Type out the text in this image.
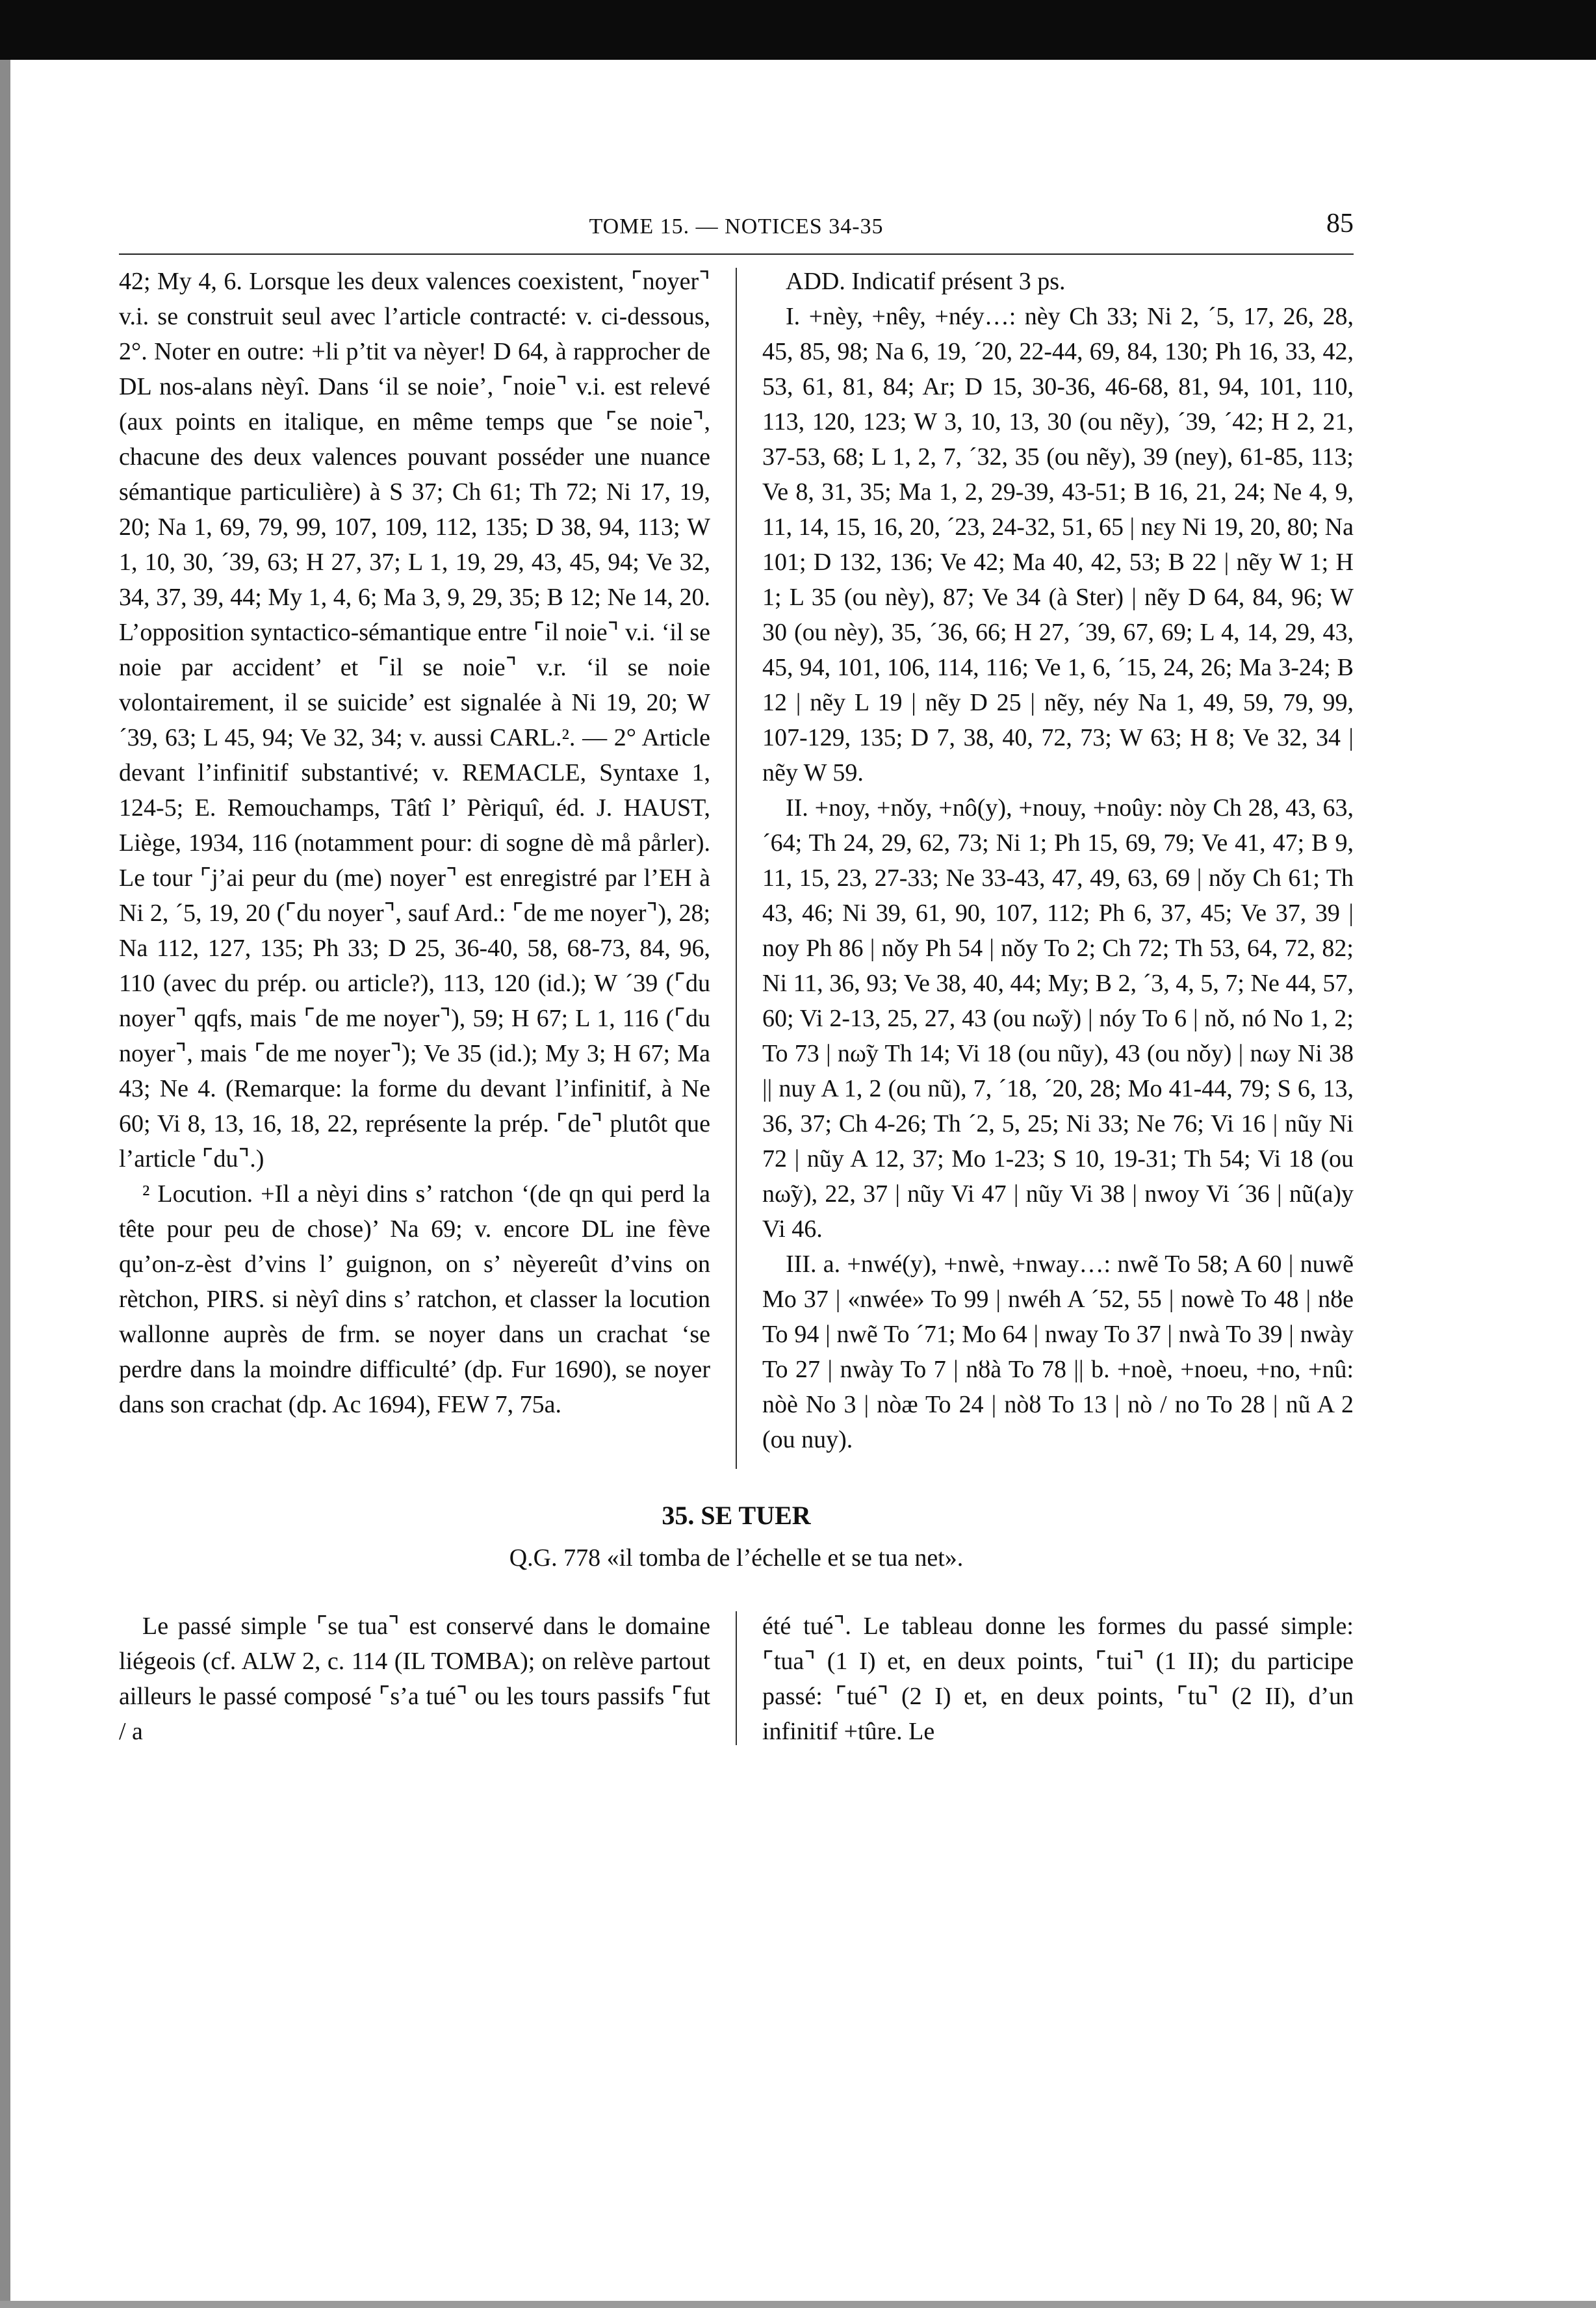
TOME 15. — NOTICES 34-35	85

42; My 4, 6. Lorsque les deux valences coexistent, ⌜noyer⌝ v.i. se construit seul avec l’article contracté: v. ci-dessous, 2°. Noter en outre: +li p’tit va nèyer! D 64, à rapprocher de DL nos-alans nèyî. Dans ‘il se noie’, ⌜noie⌝ v.i. est relevé (aux points en italique, en même temps que ⌜se noie⌝, chacune des deux valences pouvant posséder une nuance sémantique particulière) à S 37; Ch 61; Th 72; Ni 17, 19, 20; Na 1, 69, 79, 99, 107, 109, 112, 135; D 38, 94, 113; W 1, 10, 30, ´39, 63; H 27, 37; L 1, 19, 29, 43, 45, 94; Ve 32, 34, 37, 39, 44; My 1, 4, 6; Ma 3, 9, 29, 35; B 12; Ne 14, 20. L’opposition syntactico-sémantique entre ⌜il noie⌝ v.i. ‘il se noie par accident’ et ⌜il se noie⌝ v.r. ‘il se noie volontairement, il se suicide’ est signalée à Ni 19, 20; W ´39, 63; L 45, 94; Ve 32, 34; v. aussi CARL.². — 2° Article devant l’infinitif substantivé; v. REMACLE, Syntaxe 1, 124-5; E. Remouchamps, Tâtî l’ Pèriquî, éd. J. HAUST, Liège, 1934, 116 (notamment pour: di sogne dè må pårler). Le tour ⌜j’ai peur du (me) noyer⌝ est enregistré par l’EH à Ni 2, ´5, 19, 20 (⌜du noyer⌝, sauf Ard.: ⌜de me noyer⌝), 28; Na 112, 127, 135; Ph 33; D 25, 36-40, 58, 68-73, 84, 96, 110 (avec du prép. ou article?), 113, 120 (id.); W ´39 (⌜du noyer⌝ qqfs, mais ⌜de me noyer⌝), 59; H 67; L 1, 116 (⌜du noyer⌝, mais ⌜de me noyer⌝); Ve 35 (id.); My 3; H 67; Ma 43; Ne 4. (Remarque: la forme du devant l’infinitif, à Ne 60; Vi 8, 13, 16, 18, 22, représente la prép. ⌜de⌝ plutôt que l’article ⌜du⌝.)

² Locution. +Il a nèyi dins s’ ratchon ‘(de qn qui perd la tête pour peu de chose)’ Na 69; v. encore DL ine fève qu’on-z-èst d’vins l’ guignon, on s’ nèyereût d’vins on rètchon, PIRS. si nèyî dins s’ ratchon, et classer la locution wallonne auprès de frm. se noyer dans un crachat ‘se perdre dans la moindre difficulté’ (dp. Fur 1690), se noyer dans son crachat (dp. Ac 1694), FEW 7, 75a.

ADD. Indicatif présent 3 ps.

I. +nèy, +nêy, +néy…: nèy Ch 33; Ni 2, ´5, 17, 26, 28, 45, 85, 98; Na 6, 19, ´20, 22-44, 69, 84, 130; Ph 16, 33, 42, 53, 61, 81, 84; Ar; D 15, 30-36, 46-68, 81, 94, 101, 110, 113, 120, 123; W 3, 10, 13, 30 (ou nẽy), ´39, ´42; H 2, 21, 37-53, 68; L 1, 2, 7, ´32, 35 (ou nẽy), 39 (ney), 61-85, 113; Ve 8, 31, 35; Ma 1, 2, 29-39, 43-51; B 16, 21, 24; Ne 4, 9, 11, 14, 15, 16, 20, ´23, 24-32, 51, 65 | nεy Ni 19, 20, 80; Na 101; D 132, 136; Ve 42; Ma 40, 42, 53; B 22 | nẽy W 1; H 1; L 35 (ou nèy), 87; Ve 34 (à Ster) | nẽy D 64, 84, 96; W 30 (ou nèy), 35, ´36, 66; H 27, ´39, 67, 69; L 4, 14, 29, 43, 45, 94, 101, 106, 114, 116; Ve 1, 6, ´15, 24, 26; Ma 3-24; B 12 | nẽy L 19 | nẽy D 25 | nẽy, néy Na 1, 49, 59, 79, 99, 107-129, 135; D 7, 38, 40, 72, 73; W 63; H 8; Ve 32, 34 | nẽy W 59.

II. +noy, +nǒy, +nô(y), +nouy, +noûy: nòy Ch 28, 43, 63, ´64; Th 24, 29, 62, 73; Ni 1; Ph 15, 69, 79; Ve 41, 47; B 9, 11, 15, 23, 27-33; Ne 33-43, 47, 49, 63, 69 | nǒy Ch 61; Th 43, 46; Ni 39, 61, 90, 107, 112; Ph 6, 37, 45; Ve 37, 39 | noy Ph 86 | nǒy Ph 54 | nǒy To 2; Ch 72; Th 53, 64, 72, 82; Ni 11, 36, 93; Ve 38, 40, 44; My; B 2, ´3, 4, 5, 7; Ne 44, 57, 60; Vi 2-13, 25, 27, 43 (ou nω̃y) | nóy To 6 | nǒ, nó No 1, 2; To 73 | nω̃y Th 14; Vi 18 (ou nũy), 43 (ou nǒy) | nωy Ni 38 || nuy A 1, 2 (ou nũ), 7, ´18, ´20, 28; Mo 41-44, 79; S 6, 13, 36, 37; Ch 4-26; Th ´2, 5, 25; Ni 33; Ne 76; Vi 16 | nũy Ni 72 | nũy A 12, 37; Mo 1-23; S 10, 19-31; Th 54; Vi 18 (ou nω̃y), 22, 37 | nũy Vi 47 | nũy Vi 38 | nwoy Vi ´36 | nũ(a)y Vi 46.

III. a. +nwé(y), +nwè, +nway…: nwẽ To 58; A 60 | nuwẽ Mo 37 | «nwée» To 99 | nwéh A ´52, 55 | nowè To 48 | nȣe To 94 | nwẽ To ´71; Mo 64 | nway To 37 | nwà To 39 | nwày To 27 | nwày To 7 | nȣà To 78 || b. +noè, +noeu, +no, +nû: nòè No 3 | nòæ To 24 | nòȣ To 13 | nò / no To 28 | nũ A 2 (ou nuy).

35. SE TUER
Q.G. 778 «il tomba de l’échelle et se tua net».

Le passé simple ⌜se tua⌝ est conservé dans le domaine liégeois (cf. ALW 2, c. 114 (IL TOMBA); on relève partout ailleurs le passé composé ⌜s’a tué⌝ ou les tours passifs ⌜fut / a

été tué⌝. Le tableau donne les formes du passé simple: ⌜tua⌝ (1 I) et, en deux points, ⌜tui⌝ (1 II); du participe passé: ⌜tué⌝ (2 I) et, en deux points, ⌜tu⌝ (2 II), d’un infinitif +tûre. Le
